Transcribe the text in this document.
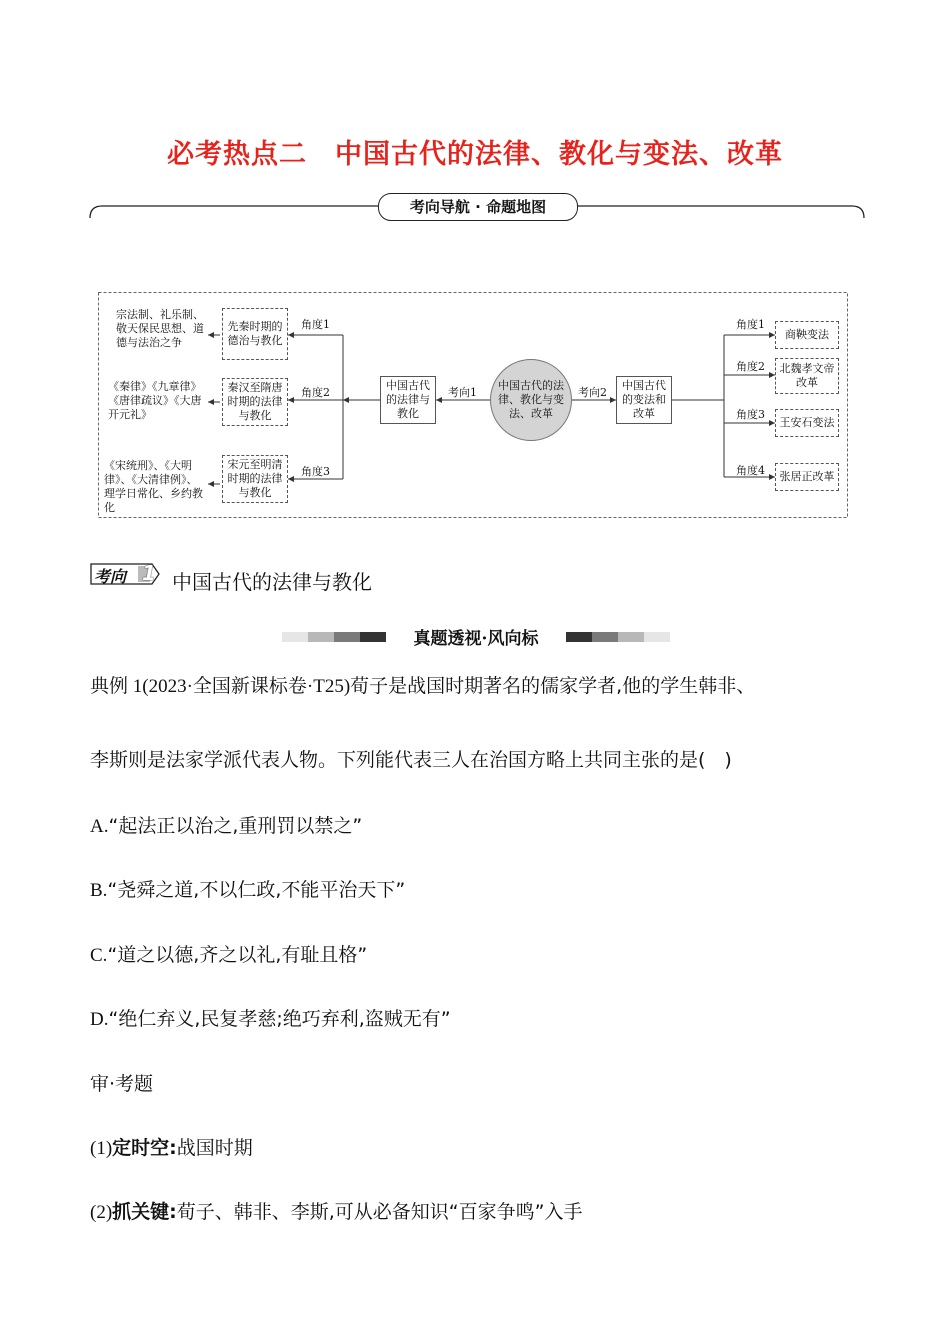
必考热点二　中国古代的法律、教化与变法、改革
考向导航 · 命题地图
宗法制、礼乐制、敬天保民思想、道德与法治之争
《秦律》《九章律》《唐律疏议》《大唐开元礼》
《宋统刑》、《大明律》、《大清律例》、理学日常化、乡约教化
先秦时期的德治与教化
秦汉至隋唐时期的法律与教化
宋元至明清时期的法律与教化
角度1
角度2
角度3
中国古代的法律与教化
考向1
中国古代的法律、教化与变法、改革
考向2
中国古代的变法和改革
角度1
角度2
角度3
角度4
商鞅变法
北魏孝文帝改革
王安石变法
张居正改革
考向 1 中国古代的法律与教化
真题透视·风向标
典例 1(2023·全国新课标卷·T25)荀子是战国时期著名的儒家学者,他的学生韩非、
李斯则是法家学派代表人物。下列能代表三人在治国方略上共同主张的是(　)
A.“起法正以治之,重刑罚以禁之”
B.“尧舜之道,不以仁政,不能平治天下”
C.“道之以德,齐之以礼,有耻且格”
D.“绝仁弃义,民复孝慈;绝巧弃利,盗贼无有”
审·考题
(1)定时空:战国时期
(2)抓关键:荀子、韩非、李斯,可从必备知识“百家争鸣”入手
